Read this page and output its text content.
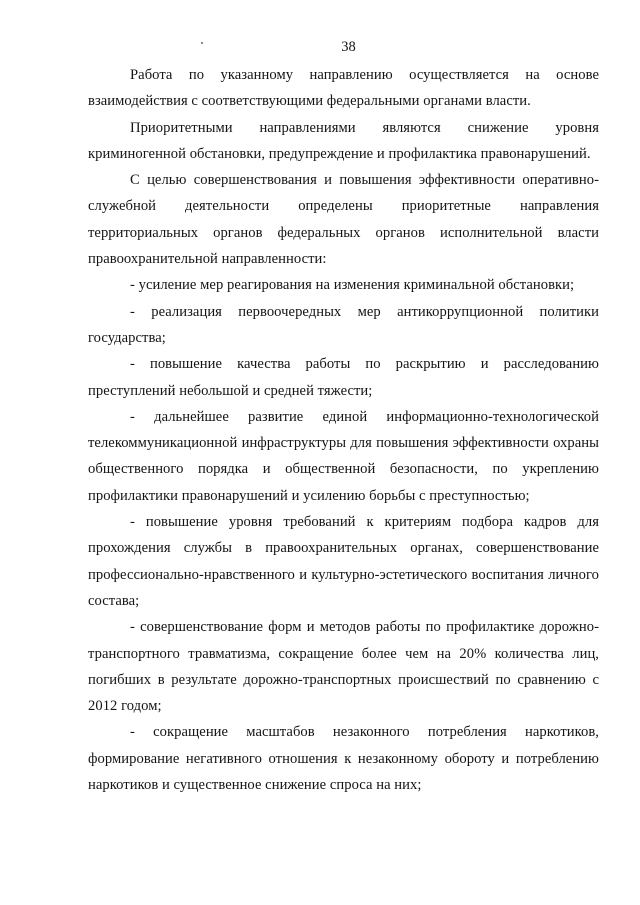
38

Работа по указанному направлению осуществляется на основе взаимодействия с соответствующими федеральными органами власти.

Приоритетными направлениями являются снижение уровня криминогенной обстановки, предупреждение и профилактика правонарушений.

С целью совершенствования и повышения эффективности оперативно-служебной деятельности определены приоритетные направления территориальных органов федеральных органов исполнительной власти правоохранительной направленности:

- усиление мер реагирования на изменения криминальной обстановки;

- реализация первоочередных мер антикоррупционной политики государства;

- повышение качества работы по раскрытию и расследованию преступлений небольшой и средней тяжести;

- дальнейшее развитие единой информационно-технологической телекоммуникационной инфраструктуры для повышения эффективности охраны общественного порядка и общественной безопасности, по укреплению профилактики правонарушений и усилению борьбы с преступностью;

- повышение уровня требований к критериям подбора кадров для прохождения службы в правоохранительных органах, совершенствование профессионально-нравственного и культурно-эстетического воспитания личного состава;

- совершенствование форм и методов работы по профилактике дорожно-транспортного травматизма, сокращение более чем на 20% количества лиц, погибших в результате дорожно-транспортных происшествий по сравнению с 2012 годом;

- сокращение масштабов незаконного потребления наркотиков, формирование негативного отношения к незаконному обороту и потреблению наркотиков и существенное снижение спроса на них;
